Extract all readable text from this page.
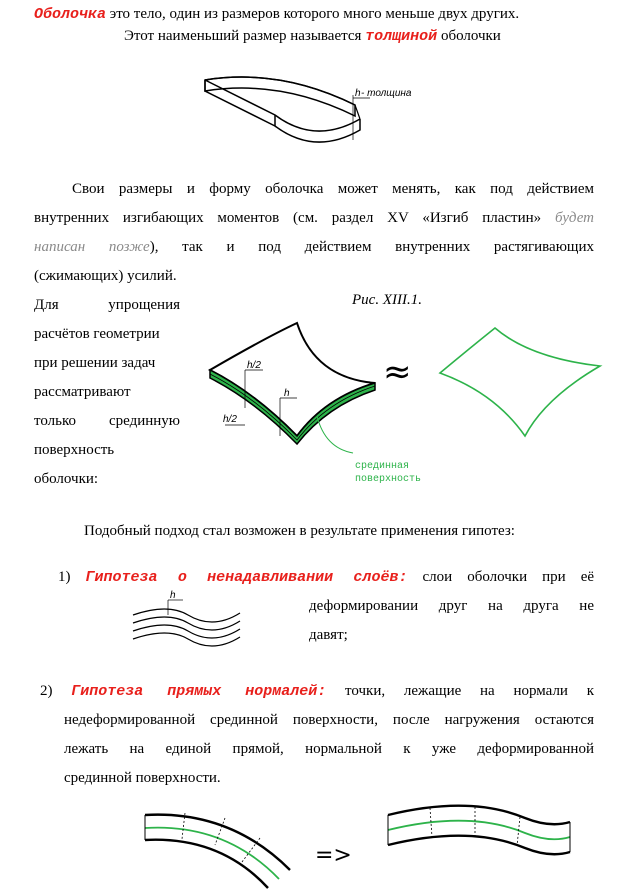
Оболочка это тело, один из размеров которого много меньше двух других.
Этот наименьший размер называется толщиной оболочки
h - толщина
Свои размеры и форму оболочка может менять, как под действием
внутренних изгибающих моментов (см. раздел XV «Изгиб пластин» будет
написан позже), так и под действием внутренних растягивающих
(сжимающих) усилий.
Для упрощения
расчётов геометрии
при решении задач
рассматривают
только срединную
поверхность
оболочки:
Рис. XIII.1.
h/2
h/2
h
срединная
поверхность
≈
Подобный подход стал возможен в результате применения гипотез:
1) Гипотеза о ненадавливании слоёв: слои оболочки при её
деформировании друг на друга не
давят;
h
2) Гипотеза прямых нормалей: точки, лежащие на нормали к
недеформированной срединной поверхности, после нагружения остаются
лежать на единой прямой, нормальной к уже деформированной
срединной поверхности.
=>
